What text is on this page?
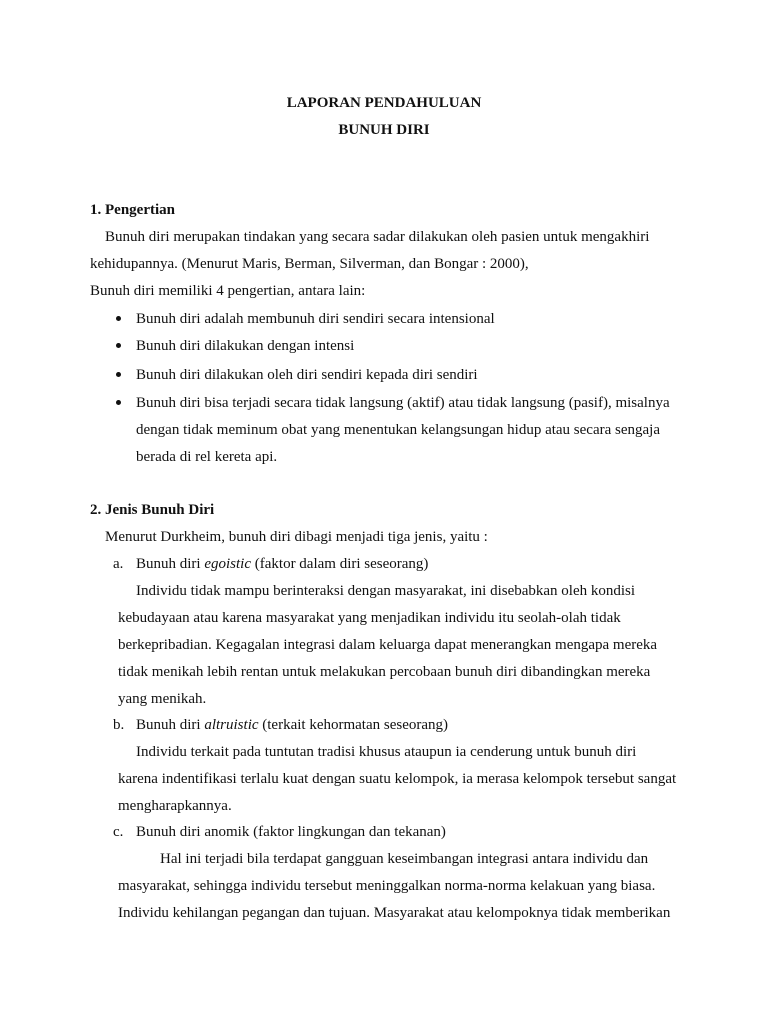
LAPORAN PENDAHULUAN
BUNUH DIRI
1. Pengertian
Bunuh diri merupakan tindakan yang secara sadar dilakukan oleh pasien untuk mengakhiri
kehidupannya. (Menurut Maris, Berman, Silverman, dan Bongar : 2000),
Bunuh diri memiliki 4 pengertian, antara lain:
Bunuh diri adalah membunuh diri sendiri secara intensional
Bunuh diri dilakukan dengan intensi
Bunuh diri dilakukan oleh diri sendiri kepada diri sendiri
Bunuh diri bisa terjadi secara tidak langsung (aktif) atau tidak langsung (pasif), misalnya
dengan tidak meminum obat yang menentukan kelangsungan hidup atau secara sengaja
berada di rel kereta api.
2. Jenis Bunuh Diri
Menurut Durkheim, bunuh diri dibagi menjadi tiga jenis, yaitu :
a. Bunuh diri egoistic (faktor dalam diri seseorang)
Individu tidak mampu berinteraksi dengan masyarakat, ini disebabkan oleh kondisi
kebudayaan atau karena masyarakat yang menjadikan individu itu seolah-olah tidak
berkepribadian. Kegagalan integrasi dalam keluarga dapat menerangkan mengapa mereka
tidak menikah lebih rentan untuk melakukan percobaan bunuh diri dibandingkan mereka
yang menikah.
b. Bunuh diri altruistic (terkait kehormatan seseorang)
Individu terkait pada tuntutan tradisi khusus ataupun ia cenderung untuk bunuh diri
karena indentifikasi terlalu kuat dengan suatu kelompok, ia merasa kelompok tersebut sangat
mengharapkannya.
c. Bunuh diri anomik (faktor lingkungan dan tekanan)
Hal ini terjadi bila terdapat gangguan keseimbangan integrasi antara individu dan
masyarakat, sehingga individu tersebut meninggalkan norma-norma kelakuan yang biasa.
Individu kehilangan pegangan dan tujuan. Masyarakat atau kelompoknya tidak memberikan
